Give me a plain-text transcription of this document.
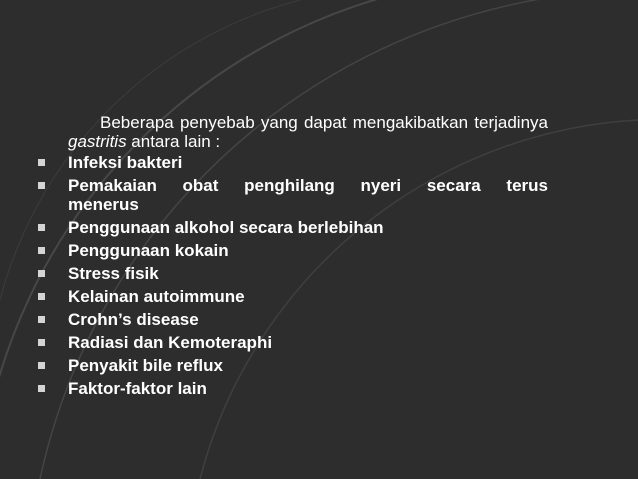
Beberapa penyebab yang dapat mengakibatkan terjadinya gastritis antara lain :
Infeksi bakteri
Pemakaian obat penghilang nyeri secara terus
menerus
Penggunaan alkohol secara berlebihan
Penggunaan kokain
Stress fisik
Kelainan autoimmune
Crohn’s disease
Radiasi dan Kemoteraphi
Penyakit bile reflux
Faktor-faktor lain
